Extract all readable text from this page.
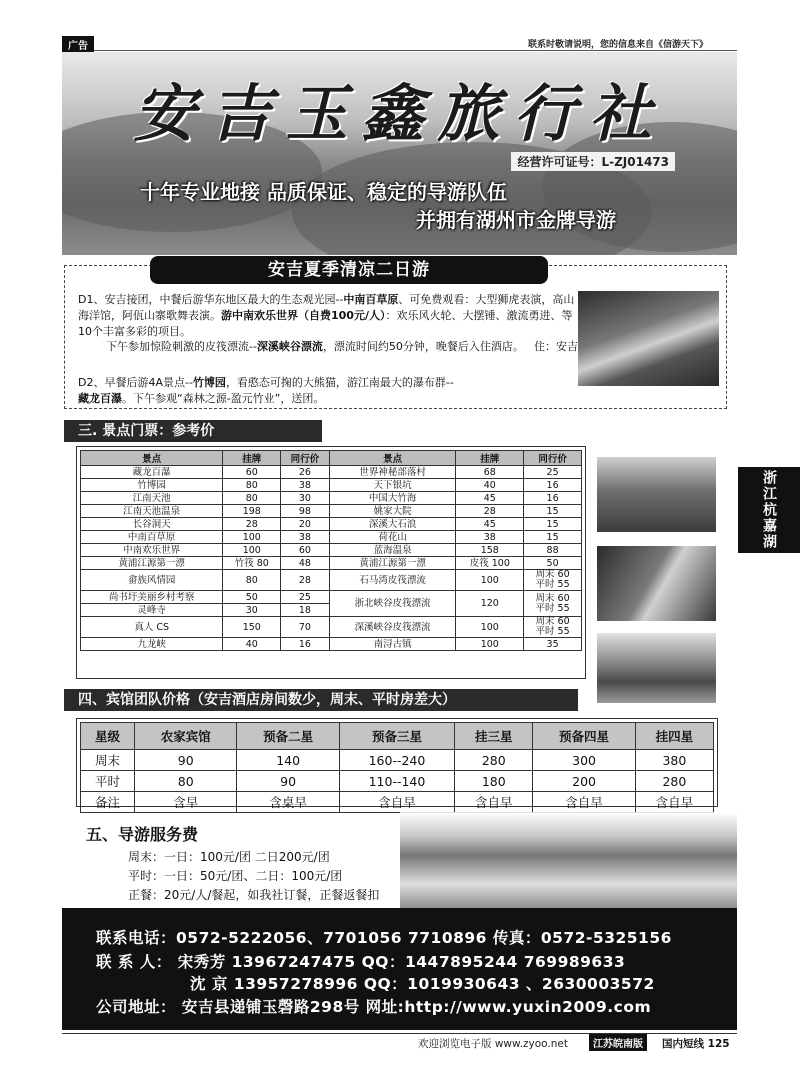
广告	联系时敬请说明，您的信息来自《信游天下》
安吉玉鑫旅行社
经营许可证号：L-ZJ01473
十年专业地接 品质保证、稳定的导游队伍
并拥有湖州市金牌导游
安吉夏季清凉二日游
D1、安吉接团，中餐后游华东地区最大的生态观光园--中南百草原、可免费观看：大型狮虎表演，高山海洋馆，阿佤山寨歌舞表演。游中南欢乐世界（自费100元/人）：欢乐风火轮、大摆锤、激流勇进、等10个丰富多彩的项目。
下午参加惊险刺激的皮筏漂流--深溪峡谷漂流，漂流时间约50分钟，晚餐后入住酒店。 住：安吉
D2、早餐后游4A景点--竹博园，看憨态可掬的大熊猫，游江南最大的瀑布群--
藏龙百瀑。下午参观“森林之源-盈元竹业”，送团。
三. 景点门票：参考价
浙江杭嘉湖
景点	挂牌	同行价	景点	挂牌	同行价
藏龙百瀑	60	26	世界神秘部落村	68	25
竹博园	80	38	天下银坑	40	16
江南天池	80	30	中国大竹海	45	16
江南天池温泉	198	98	姚家大院	28	15
长谷洞天	28	20	深溪大石浪	45	15
中南百草原	100	38	荷花山	38	15
中南欢乐世界	100	60	蓝海温泉	158	88
黄浦江源第一漂	竹筏 80	48	黄浦江源第一漂	皮筏 100	50
畲族风情园	80	28	石马湾皮筏漂流	100	周末 60
平时 55

尚书圩美丽乡村考察	50	25	浙北峡谷皮筏漂流	120	周末 60
平时 55

灵峰寺	30	18			
真人 CS	150	70	深溪峡谷皮筏漂流	100	周末 60
平时 55

九龙峡	40	16	南浔古镇	100	35
四、宾馆团队价格（安吉酒店房间数少，周末、平时房差大）
星级	农家宾馆	预备二星	预备三星	挂三星	预备四星	挂四星
周末	90	140	160--240	280	300	380
平时	80	90	110--140	180	200	280
备注	含早	含桌早	含自早	含自早	含自早	含自早
五、导游服务费
周末：一日：100元/团 二日200元/团
平时：一日：50元/团、二日：100元/团
正餐：20元/人/餐起，如我社订餐，正餐返餐扣
联系电话：0572-5222056、7701056 7710896 传真：0572-5325156
联 系 人： 宋秀芳 13967247475 QQ：1447895244 769989633
沈 京 13957278996 QQ：1019930643 、2630003572
公司地址： 安吉县递铺玉磬路298号 网址:http://www.yuxin2009.com
欢迎浏览电子版 www.zyoo.net	江苏皖南版	国内短线 125
